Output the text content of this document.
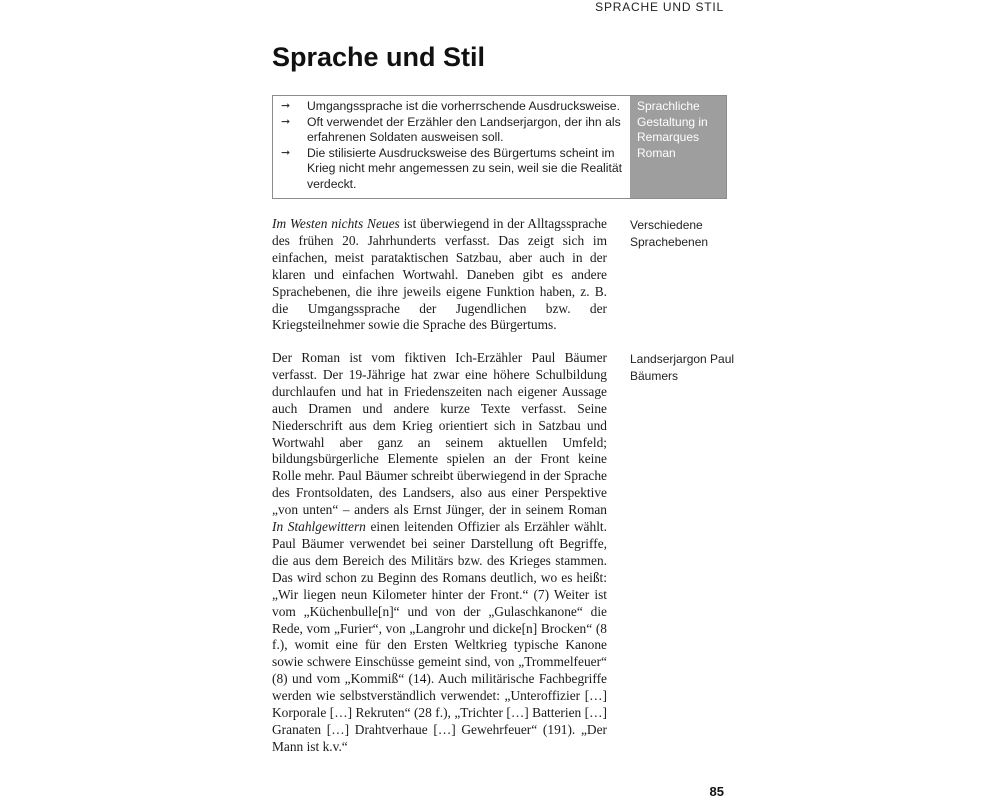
SPRACHE UND STIL
Sprache und Stil
➞ Umgangssprache ist die vorherrschende Ausdrucksweise.
➞ Oft verwendet der Erzähler den Landserjargon, der ihn als erfahrenen Soldaten ausweisen soll.
➞ Die stilisierte Ausdrucksweise des Bürgertums scheint im Krieg nicht mehr angemessen zu sein, weil sie die Realität verdeckt.
Sprachliche Gestaltung in Remarques Roman

Im Westen nichts Neues ist überwiegend in der Alltagssprache des frühen 20. Jahrhunderts verfasst. Das zeigt sich im einfachen, meist parataktischen Satzbau, aber auch in der klaren und einfachen Wortwahl. Daneben gibt es andere Sprachebenen, die ihre jeweils eigene Funktion haben, z. B. die Umgangssprache der Jugendlichen bzw. der Kriegsteilnehmer sowie die Sprache des Bürgertums.

Verschiedene Sprachebenen

Der Roman ist vom fiktiven Ich-Erzähler Paul Bäumer verfasst. Der 19-Jährige hat zwar eine höhere Schulbildung durchlaufen und hat in Friedenszeiten nach eigener Aussage auch Dramen und andere kurze Texte verfasst. Seine Niederschrift aus dem Krieg orientiert sich in Satzbau und Wortwahl aber ganz an seinem aktuellen Umfeld; bildungsbürgerliche Elemente spielen an der Front keine Rolle mehr. Paul Bäumer schreibt überwiegend in der Sprache des Frontsoldaten, des Landsers, also aus einer Perspektive „von unten“ – anders als Ernst Jünger, der in seinem Roman In Stahlgewittern einen leitenden Offizier als Erzähler wählt. Paul Bäumer verwendet bei seiner Darstellung oft Begriffe, die aus dem Bereich des Militärs bzw. des Krieges stammen. Das wird schon zu Beginn des Romans deutlich, wo es heißt: „Wir liegen neun Kilometer hinter der Front.“ (7) Weiter ist vom „Küchenbulle[n]“ und von der „Gulaschkanone“ die Rede, vom „Furier“, von „Langrohr und dicke[n] Brocken“ (8 f.), womit eine für den Ersten Weltkrieg typische Kanone sowie schwere Einschüsse gemeint sind, von „Trommelfeuer“ (8) und vom „Kommiß“ (14). Auch militärische Fachbegriffe werden wie selbstverständlich verwendet: „Unteroffizier […] Korporale […] Rekruten“ (28 f.), „Trichter […] Batterien […] Granaten […] Drahtverhaue […] Gewehrfeuer“ (191). „Der Mann ist k.v.“

Landserjargon Paul Bäumers

85
